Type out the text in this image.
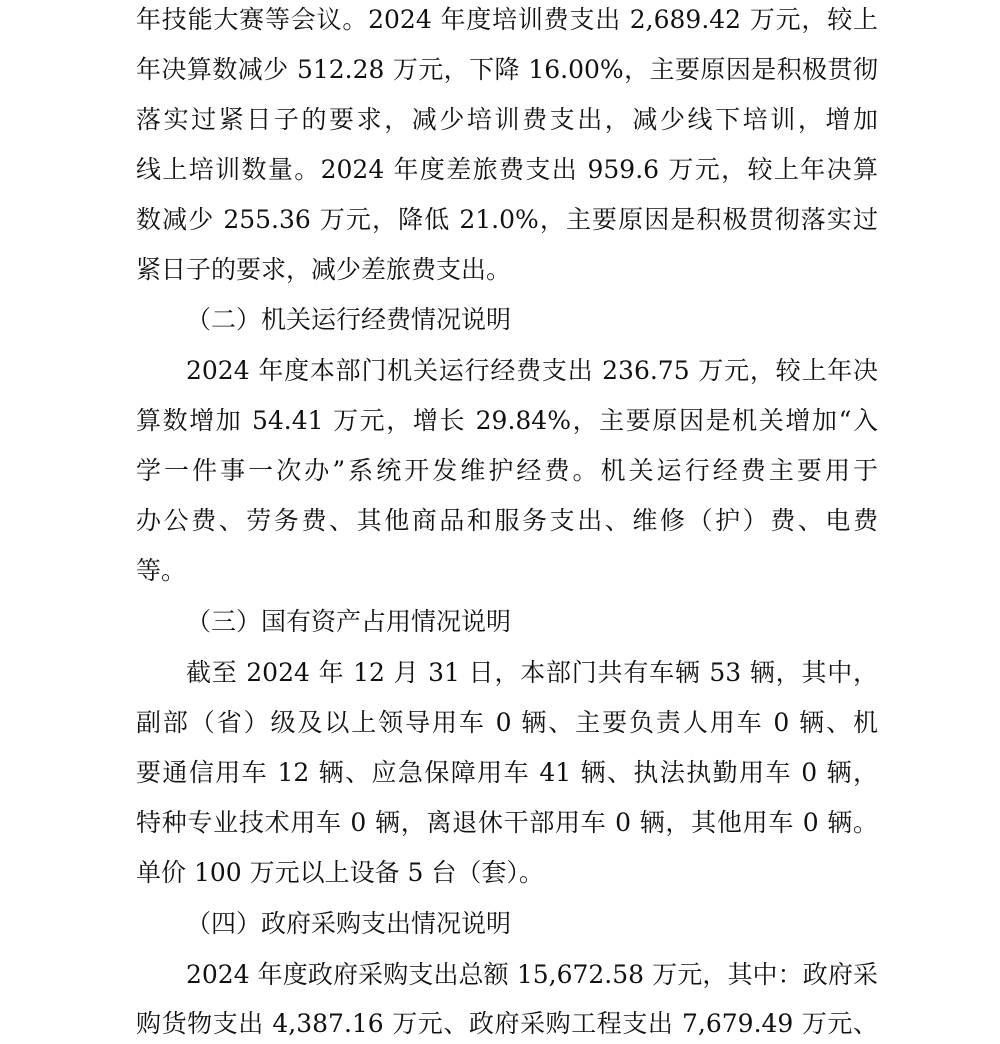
年技能大赛等会议。2024 年度培训费支出 2,689.42 万元，较上
年决算数减少 512.28 万元，下降 16.00%，主要原因是积极贯彻
落实过紧日子的要求，减少培训费支出，减少线下培训，增加
线上培训数量。2024 年度差旅费支出 959.6 万元，较上年决算
数减少 255.36 万元，降低 21.0%，主要原因是积极贯彻落实过
紧日子的要求，减少差旅费支出。
（二）机关运行经费情况说明
2024 年度本部门机关运行经费支出 236.75 万元，较上年决
算数增加 54.41 万元，增长 29.84%，主要原因是机关增加“入
学一件事一次办”系统开发维护经费。机关运行经费主要用于
办公费、劳务费、其他商品和服务支出、维修（护）费、电费
等。
（三）国有资产占用情况说明
截至 2024 年 12 月 31 日，本部门共有车辆 53 辆，其中，
副部（省）级及以上领导用车 0 辆、主要负责人用车 0 辆、机
要通信用车 12 辆、应急保障用车 41 辆、执法执勤用车 0 辆，
特种专业技术用车 0 辆，离退休干部用车 0 辆，其他用车 0 辆。
单价 100 万元以上设备 5 台（套）。
（四）政府采购支出情况说明
2024 年度政府采购支出总额 15,672.58 万元，其中：政府采
购货物支出 4,387.16 万元、政府采购工程支出 7,679.49 万元、
